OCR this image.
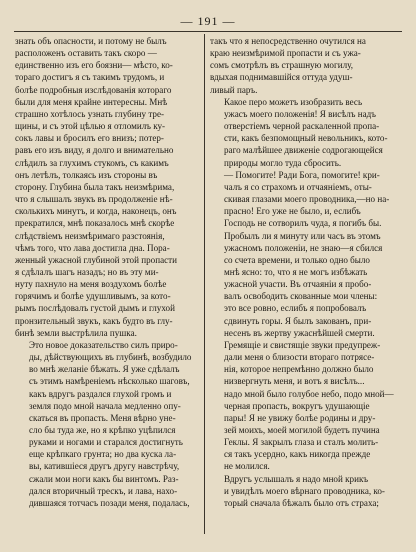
— 191 —

знать объ опасности, и потому не былъ
расположенъ оставить такъ скоро —
единственно изъ его боязни— мѣсто, ко-
тораго достигъ я съ такимъ трудомъ, и
болѣе подробныя изслѣдованія котораго
были для меня крайне интересны. Мнѣ
страшно хотѣлось узнать глубину тре-
щины, и съ этой цѣлью я отломилъ ку-
сокъ лавы и бросилъ его внизъ; потер-
равъ его изъ виду, я долго и внимательно
слѣдилъ за глухимъ стукомъ, съ какимъ
онъ летѣлъ, толкаясь изъ стороны въ
сторону. Глубина была такъ неизмѣрима,
что я слышалъ звукъ въ продолженіе нѣ-
сколькихъ минутъ, и когда, наконецъ, онъ
прекратился, мнѣ показалось мнѣ скорѣе
слѣдствіемъ неизмѣримаго разстоянія,
чѣмъ того, что лава достигла дна. Пора-
женный ужасной глубиной этой пропасти
я сдѣлалъ шагъ назадъ; но въ эту ми-
нуту пахнуло на меня воздухомъ болѣе
горячимъ и болѣе удушливымъ, за кото-
рымъ послѣдовалъ густой дымъ и глухой
пронзительный звукъ, какъ будто въ глу-
бинѣ земли выстрѣлила пушка.

Это новое доказательство силъ приро-
ды, дѣйствующихъ въ глубинѣ, возбудило
во мнѣ желаніе бѣжать. Я уже сдѣлалъ
съ этимъ намѣреніемъ нѣсколько шаговъ,
какъ вдругъ раздался глухой громъ и
земля подо мной начала медленно опу-
скаться въ пропасть. Меня вѣрно уне-
сло бы туда же, но я крѣпко уцѣпился
руками и ногами и старался достигнуть
еще крѣпкаго грунта; но два куска ла-
вы, катившіеся другъ другу навстрѣчу,
сжали мои ноги какъ бы винтомъ. Раз-
дался вторичный трескъ, и лава, нахо-
дившаяся тотчасъ позади меня, подалась,

такъ что я непосредственно очутился на
краю неизмѣримой пропасти и съ ужа-
сомъ смотрѣлъ въ страшную могилу,
вдыхая поднимавшійся оттуда удуш-
ливый паръ.

Какое перо можетъ изобразить весь
ужасъ моего положенія! Я висѣлъ надъ
отверстіемъ черной раскаленной пропа-
сти, какъ безпомощный невольникъ, кото-
раго малѣйшее движеніе содрогающейся
природы могло туда сбросить.

— Помогите! Ради Бога, помогите! кри-
чалъ я со страхомъ и отчаяніемъ, оты-
скивая глазами моего проводника,—но на-
прасно! Его уже не было, и, еслибъ
Господь не сотворилъ чуда, я погибъ бы.
Пробылъ ли я минуту или часъ въ этомъ
ужасномъ положеніи, не знаю—я сбился
со счета времени, и только одно было
мнѣ ясно: то, что я не могъ избѣжать
ужасной участи. Въ отчаяніи я пробо-
валъ освободить скованные мои члены:
это все ровно, еслибъ я попробовалъ
сдвинуть горы. Я былъ закованъ, при-
несенъ въ жертву ужаснѣйшей смерти.
Гремящіе и свистящіе звуки предупреж-
дали меня о близости втораго потрясе-
нія, которое непремѣнно должно было
низвергнуть меня, и вотъ я висѣлъ...
надо мной было голубое небо, подо мной—
черная пропасть, вокругъ удушающіе
пары! Я не увижу болѣе родины и дру-
зей моихъ, моей могилой будетъ пучина
Геклы. Я закрылъ глаза и сталъ молить-
ся такъ усердно, какъ никогда прежде
не молился.

Вдругъ услышалъ я надо мной крикъ
и увидѣлъ моего вѣрнаго проводника, ко-
торый сначала бѣжалъ было отъ страха;
